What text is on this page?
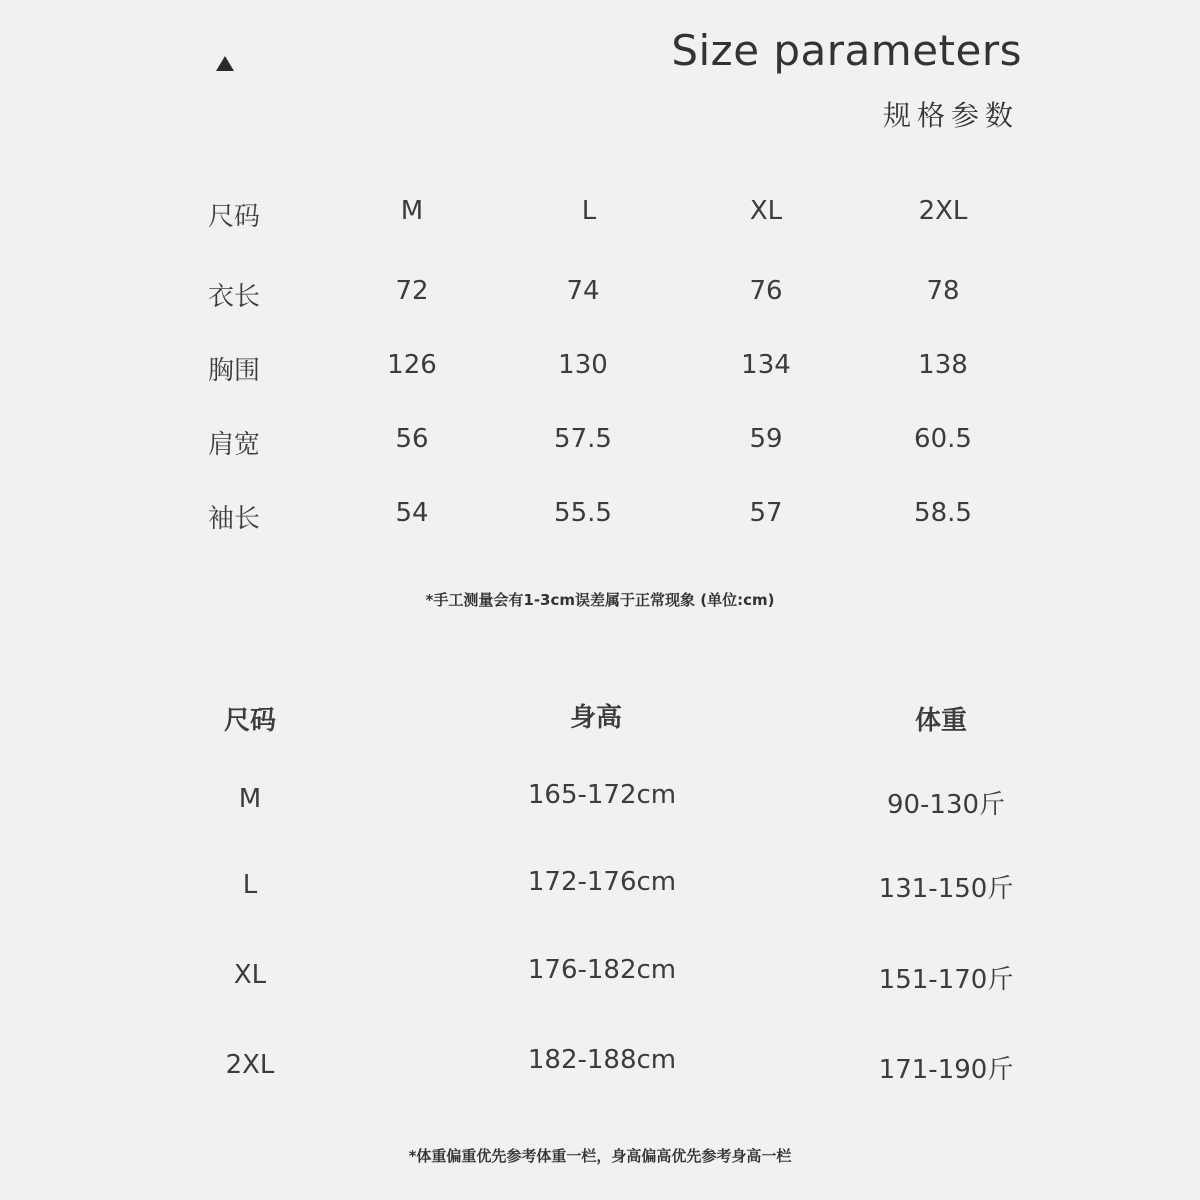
Size parameters
规格参数
尺码	M	L	XL	2XL
衣长	72	74	76	78
胸围	126	130	134	138
肩宽	56	57.5	59	60.5
袖长	54	55.5	57	58.5
*手工测量会有1-3cm误差属于正常现象 (单位:cm)
尺码	身高	体重
M	165-172cm	90-130斤
L	172-176cm	131-150斤
XL	176-182cm	151-170斤
2XL	182-188cm	171-190斤
*体重偏重优先参考体重一栏，身高偏高优先参考身高一栏
